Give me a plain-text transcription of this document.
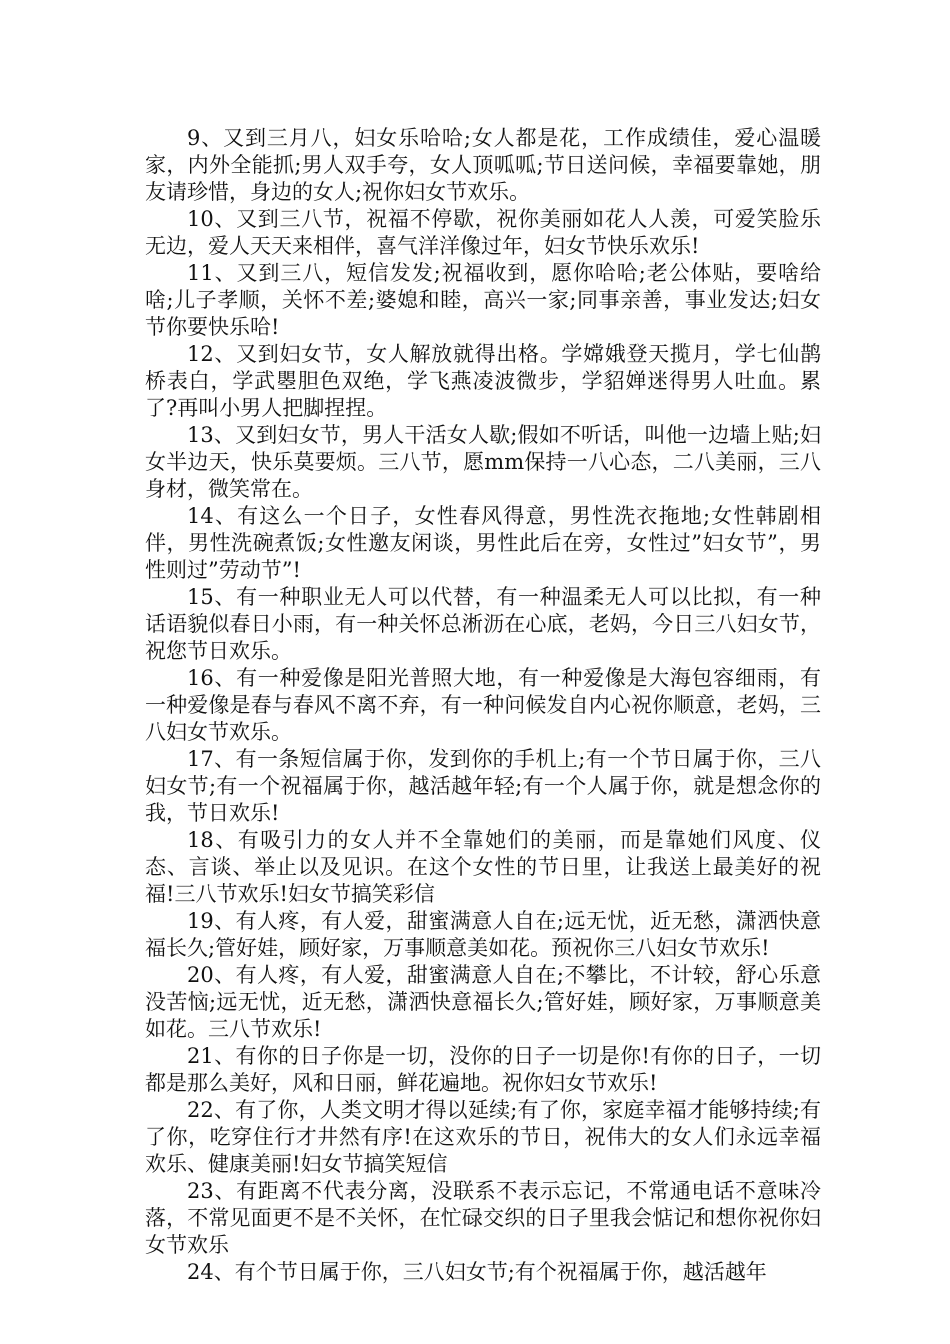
9、又到三月八，妇女乐哈哈;女人都是花，工作成绩佳，爱心温暖家，内外全能抓;男人双手夸，女人顶呱呱;节日送问候，幸福要靠她，朋友请珍惜，身边的女人;祝你妇女节欢乐。

10、又到三八节，祝福不停歇，祝你美丽如花人人羡，可爱笑脸乐无边，爱人天天来相伴，喜气洋洋像过年，妇女节快乐欢乐!

11、又到三八，短信发发;祝福收到，愿你哈哈;老公体贴，要啥给啥;儿子孝顺，关怀不差;婆媳和睦，高兴一家;同事亲善，事业发达;妇女节你要快乐哈!

12、又到妇女节，女人解放就得出格。学嫦娥登天揽月，学七仙鹊桥表白，学武瞾胆色双绝，学飞燕凌波微步，学貂婵迷得男人吐血。累了?再叫小男人把脚捏捏。

13、又到妇女节，男人干活女人歇;假如不听话，叫他一边墙上贴;妇女半边天，快乐莫要烦。三八节，愿mm保持一八心态，二八美丽，三八身材，微笑常在。

14、有这么一个日子，女性春风得意，男性洗衣拖地;女性韩剧相伴，男性洗碗煮饭;女性邀友闲谈，男性此后在旁，女性过”妇女节”，男性则过”劳动节”!

15、有一种职业无人可以代替，有一种温柔无人可以比拟，有一种话语貌似春日小雨，有一种关怀总淅沥在心底，老妈，今日三八妇女节，祝您节日欢乐。

16、有一种爱像是阳光普照大地，有一种爱像是大海包容细雨，有一种爱像是春与春风不离不弃，有一种问候发自内心祝你顺意，老妈，三八妇女节欢乐。

17、有一条短信属于你，发到你的手机上;有一个节日属于你，三八妇女节;有一个祝福属于你，越活越年轻;有一个人属于你，就是想念你的我，节日欢乐!

18、有吸引力的女人并不全靠她们的美丽，而是靠她们风度、仪态、言谈、举止以及见识。在这个女性的节日里，让我送上最美好的祝福!三八节欢乐!妇女节搞笑彩信

19、有人疼，有人爱，甜蜜满意人自在;远无忧，近无愁，潇洒快意福长久;管好娃，顾好家，万事顺意美如花。预祝你三八妇女节欢乐!

20、有人疼，有人爱，甜蜜满意人自在;不攀比，不计较，舒心乐意没苦恼;远无忧，近无愁，潇洒快意福长久;管好娃，顾好家，万事顺意美如花。三八节欢乐!

21、有你的日子你是一切，没你的日子一切是你!有你的日子，一切都是那么美好，风和日丽，鲜花遍地。祝你妇女节欢乐!

22、有了你，人类文明才得以延续;有了你，家庭幸福才能够持续;有了你，吃穿住行才井然有序!在这欢乐的节日，祝伟大的女人们永远幸福欢乐、健康美丽!妇女节搞笑短信

23、有距离不代表分离，没联系不表示忘记，不常通电话不意味冷落，不常见面更不是不关怀，在忙碌交织的日子里我会惦记和想你祝你妇女节欢乐

24、有个节日属于你，三八妇女节;有个祝福属于你，越活越年
